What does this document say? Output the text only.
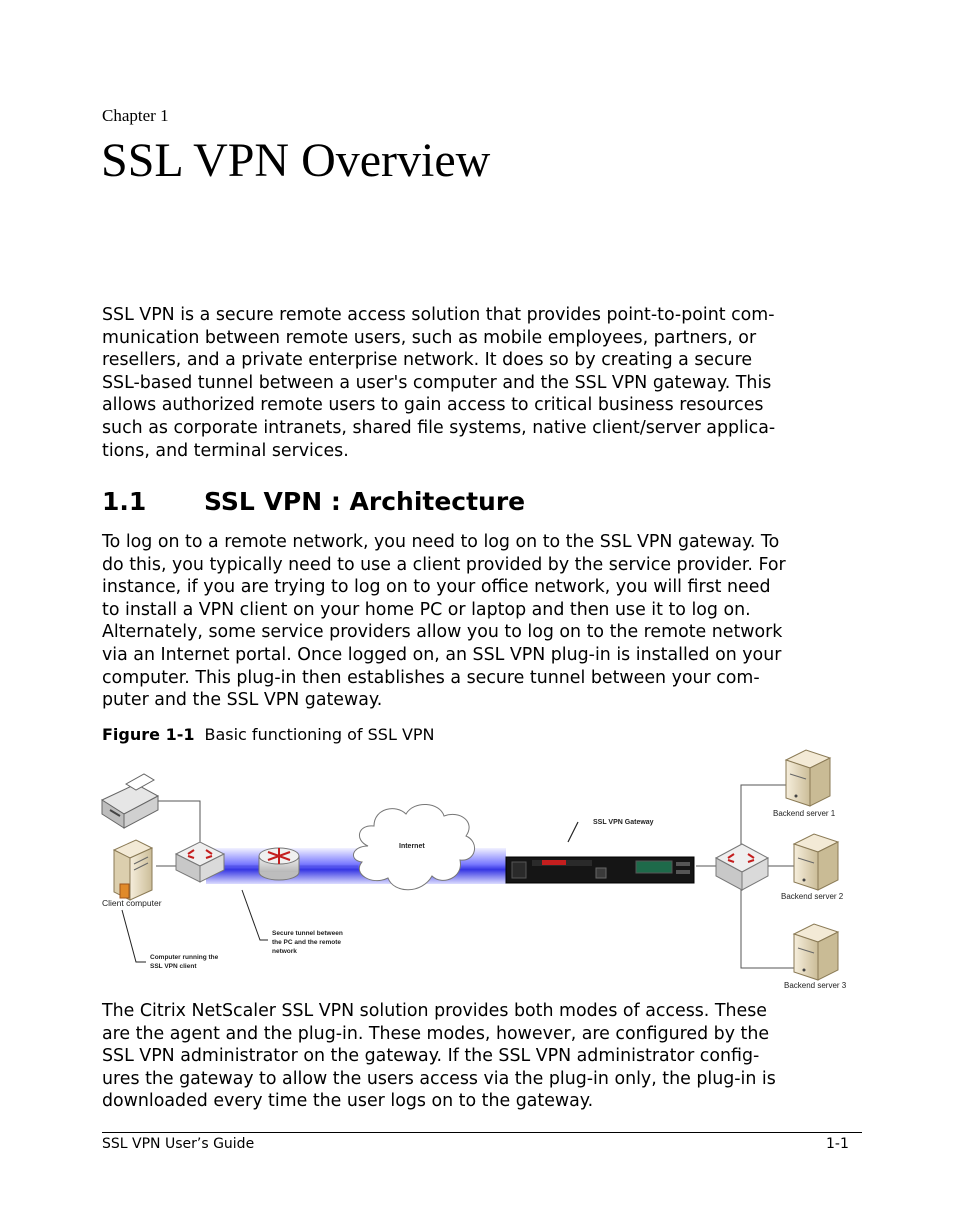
Chapter 1
SSL VPN Overview

SSL VPN is a secure remote access solution that provides point-to-point com-
munication between remote users, such as mobile employees, partners, or
resellers, and a private enterprise network. It does so by creating a secure
SSL-based tunnel between a user's computer and the SSL VPN gateway. This
allows authorized remote users to gain access to critical business resources
such as corporate intranets, shared file systems, native client/server applica-
tions, and terminal services.

1.1 SSL VPN : Architecture

To log on to a remote network, you need to log on to the SSL VPN gateway. To
do this, you typically need to use a client provided by the service provider. For
instance, if you are trying to log on to your office network, you will first need
to install a VPN client on your home PC or laptop and then use it to log on.
Alternately, some service providers allow you to log on to the remote network
via an Internet portal. Once logged on, an SSL VPN plug-in is installed on your
computer. This plug-in then establishes a secure tunnel between your com-
puter and the SSL VPN gateway.

Figure 1-1 Basic functioning of SSL VPN
Internet
SSL VPN Gateway
Backend server 1
Backend server 2
Backend server 3
Client computer
Computer running the
SSL VPN client
Secure tunnel between
the PC and the remote
network

The Citrix NetScaler SSL VPN solution provides both modes of access. These
are the agent and the plug-in. These modes, however, are configured by the
SSL VPN administrator on the gateway. If the SSL VPN administrator config-
ures the gateway to allow the users access via the plug-in only, the plug-in is
downloaded every time the user logs on to the gateway.

SSL VPN User’s Guide	1-1
